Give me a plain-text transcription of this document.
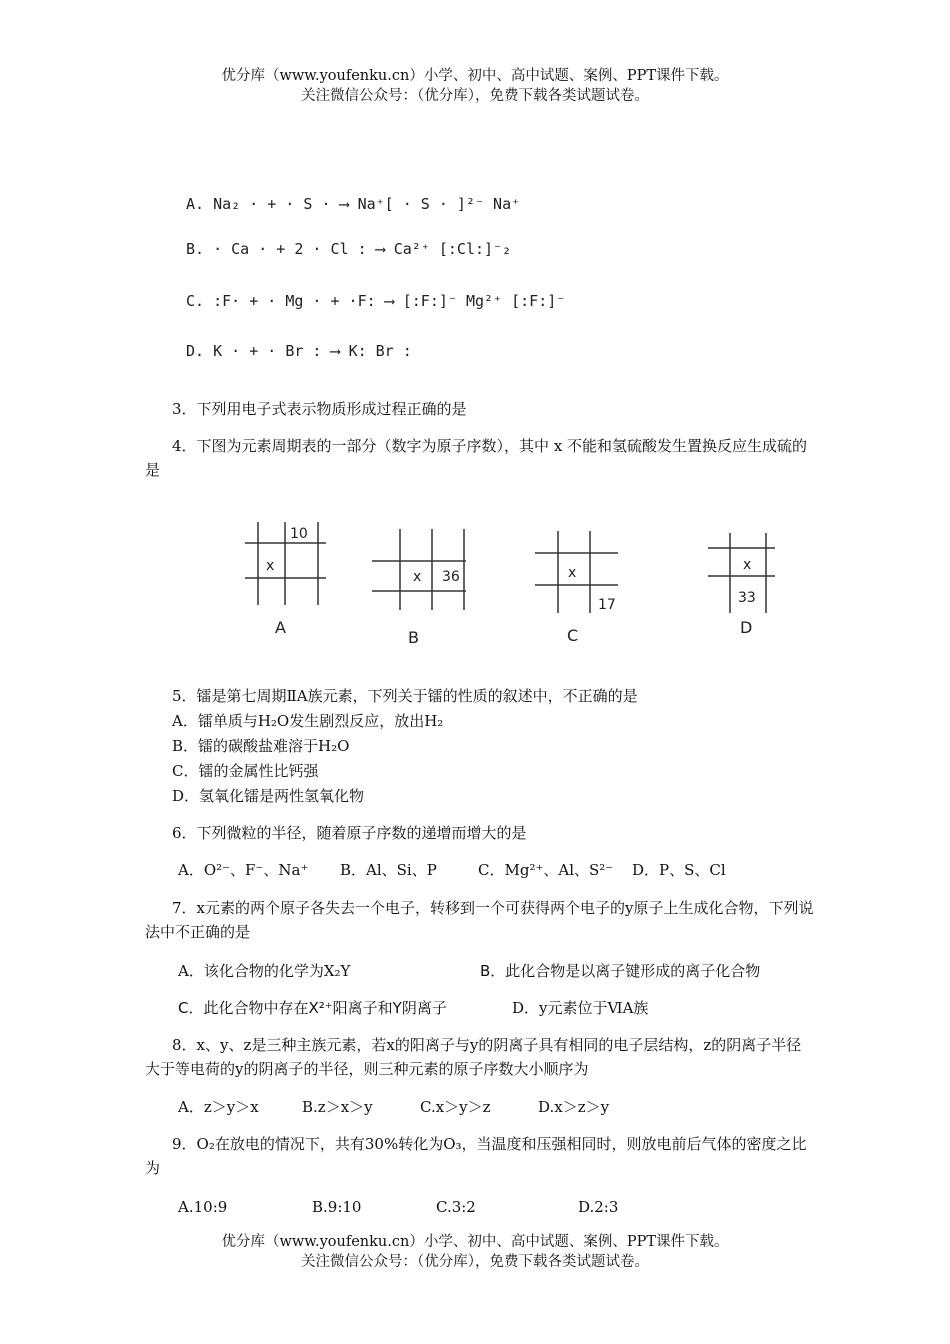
优分库（www.youfenku.cn）小学、初中、高中试题、案例、PPT课件下载。
关注微信公众号：（优分库），免费下载各类试题试卷。
A. Na₂ · + · S · ⟶ Na⁺[ · S · ]²⁻ Na⁺
B. · Ca · + 2 · Cl : ⟶ Ca²⁺ [:Cl:]⁻₂
C. :F· + · Mg · + ·F: ⟶ [:F:]⁻ Mg²⁺ [:F:]⁻
D. K · + · Br : ⟶ K: Br :
3．下列用电子式表示物质形成过程正确的是
4．下图为元素周期表的一部分（数字为原子序数），其中 x 不能和氢硫酸发生置换反应生成硫的是
x
10
A
x 36
B
x
17
C
x
33
D
5．镭是第七周期ⅡA族元素，下列关于镭的性质的叙述中，不正确的是
A．镭单质与H₂O发生剧烈反应，放出H₂
B．镭的碳酸盐难溶于H₂O
C．镭的金属性比钙强
D．氢氧化镭是两性氢氧化物
6．下列微粒的半径，随着原子序数的递增而增大的是
A．O²⁻、F⁻、Na⁺ B．Al、Si、P	C．Mg²⁺、Al、S²⁻ D．P、S、Cl
7．x元素的两个原子各失去一个电子，转移到一个可获得两个电子的y原子上生成化合物，下列说法中不正确的是
A．该化合物的化学为X₂Y	B．此化合物是以离子键形成的离子化合物
C．此化合物中存在X²⁺阳离子和Y阴离子	D．y元素位于ⅥA族
8．x、y、z是三种主族元素，若x的阳离子与y的阴离子具有相同的电子层结构，z的阴离子半径大于等电荷的y的阴离子的半径，则三种元素的原子序数大小顺序为
A．z＞y＞x	B.z＞x＞y	C.x＞y＞z	D.x＞z＞y
9．O₂在放电的情况下，共有30%转化为O₃，当温度和压强相同时，则放电前后气体的密度之比为
A.10:9	B.9:10	C.3:2	D.2:3
优分库（www.youfenku.cn）小学、初中、高中试题、案例、PPT课件下载。
关注微信公众号：（优分库），免费下载各类试题试卷。
